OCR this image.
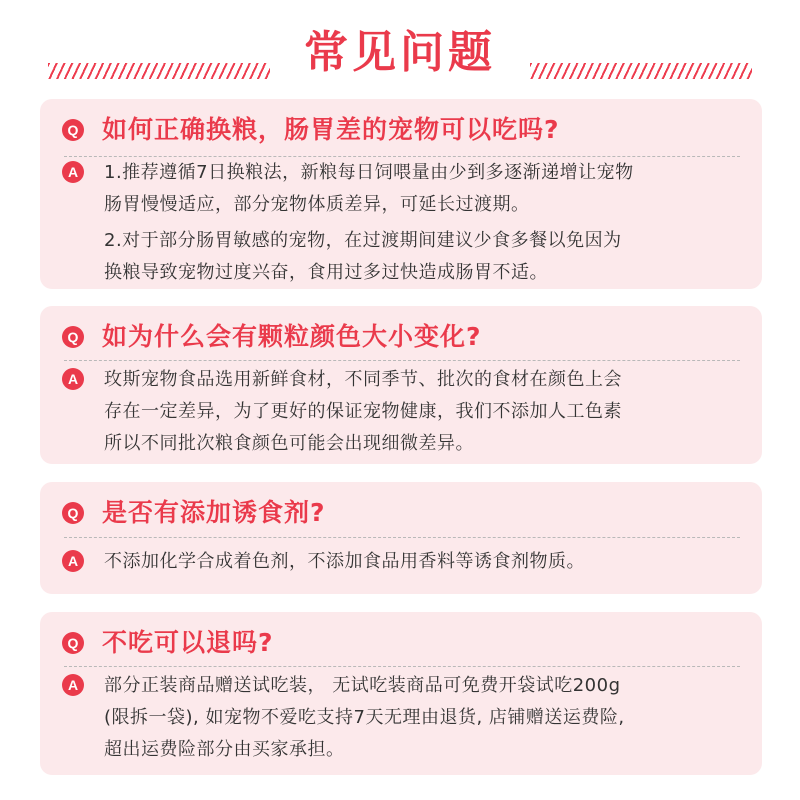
常见问题
Q 如何正确换粮，肠胃差的宠物可以吃吗?
A	1.推荐遵循7日换粮法，新粮每日饲喂量由少到多逐渐递增让宠物
肠胃慢慢适应，部分宠物体质差异，可延长过渡期。
2.对于部分肠胃敏感的宠物，在过渡期间建议少食多餐以免因为
换粮导致宠物过度兴奋，食用过多过快造成肠胃不适。
Q 如为什么会有颗粒颜色大小变化?
A	玫斯宠物食品选用新鲜食材，不同季节、批次的食材在颜色上会
存在一定差异，为了更好的保证宠物健康，我们不添加人工色素
所以不同批次粮食颜色可能会出现细微差异。
Q 是否有添加诱食剂?
A	不添加化学合成着色剂，不添加食品用香料等诱食剂物质。
Q 不吃可以退吗?
A	部分正装商品赠送试吃装， 无试吃装商品可免费开袋试吃200g
(限拆一袋), 如宠物不爱吃支持7天无理由退货, 店铺赠送运费险,
超出运费险部分由买家承担。
